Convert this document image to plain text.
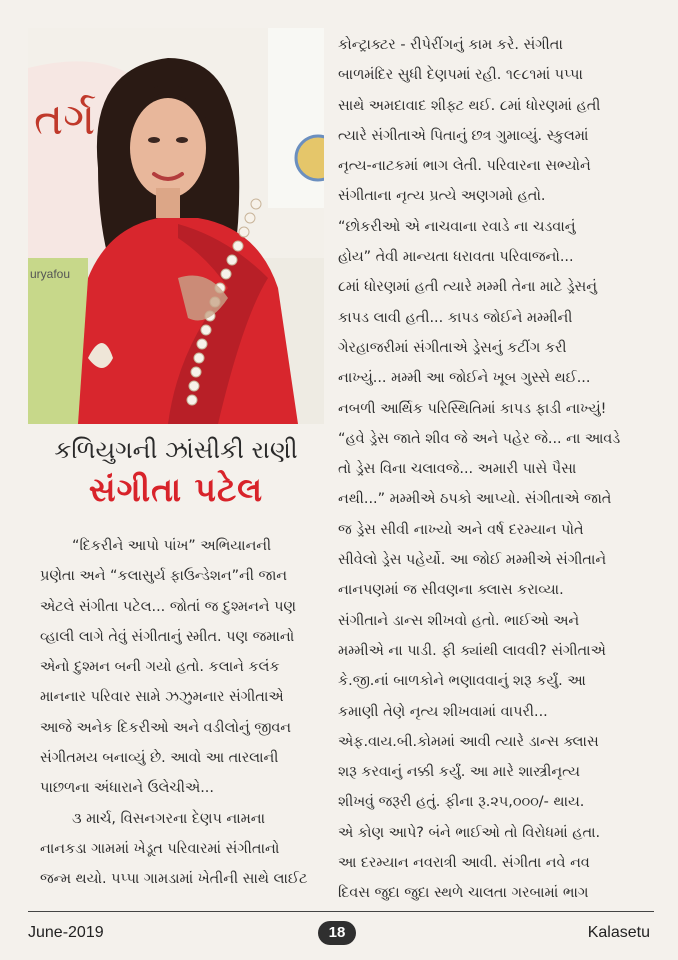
તર્ગ
uryafou
કળિયુગની ઝાંસીકી રાણી
સંગીતા પટેલ

“દિકરીને આપો પાંખ” અભિયાનની

પ્રણેતા અને “કલાસુર્ય ફાઉન્ડેશન”ની જાન

એટલે સંગીતા પટેલ... જોતાં જ દુશ્મનને પણ

વ્હાલી લાગે તેવું સંગીતાનું સ્મીત. પણ જમાનો

એનો દુશ્મન બની ગયો હતો. કલાને કલંક

માનનાર પરિવાર સામે ઝઝુમનાર સંગીતાએ

આજે અનેક દિકરીઓ અને વડીલોનું જીવન

સંગીતમય બનાવ્યું છે. આવો આ તારલાની

પાછળના અંધારાને ઉલેચીએ...

૩ માર્ચ, વિસનગરના દેણપ નામના

નાનકડા ગામમાં ખેડૂત પરિવારમાં સંગીતાનો

જન્મ થયો. પપ્પા ગામડામાં ખેતીની સાથે લાઈટ

કોન્ટ્રાક્ટર - રીપેરીંગનું કામ કરે. સંગીતા

બાળમંદિર સુધી દેણપમાં રહી. ૧૯૮૧માં પપ્પા

સાથે અમદાવાદ શીફ્ટ થઈ. ૮માં ધોરણમાં હતી

ત્યારે સંગીતાએ પિતાનું છત્ર ગુમાવ્યું. સ્કુલમાં

નૃત્ય-નાટકમાં ભાગ લેતી. પરિવારના સભ્યોને

સંગીતાના નૃત્ય પ્રત્યે અણગમો હતો.

“છોકરીઓ એ નાચવાના રવાડે ના ચડવાનું

હોય” તેવી માન્યતા ધરાવતા પરિવાજનો...

૮માં ધોરણમાં હતી ત્યારે મમ્મી તેના માટે ડ્રેસનું

કાપડ લાવી હતી... કાપડ જોઈને મમ્મીની

ગેરહાજરીમાં સંગીતાએ ડ્રેસનું કટીંગ કરી

નાખ્યું... મમ્મી આ જોઈને ખૂબ ગુસ્સે થઈ...

નબળી આર્થિક પરિસ્થિતિમાં કાપડ ફાડી નાખ્યું!

“હવે ડ્રેસ જાતે શીવ જે અને પહેર જે... ના આવડે

તો ડ્રેસ વિના ચલાવજે... અમારી પાસે પૈસા

નથી...” મમ્મીએ ઠપકો આપ્યો. સંગીતાએ જાતે

જ ડ્રેસ સીવી નાખ્યો અને વર્ષ દરમ્યાન પોતે

સીવેલો ડ્રેસ પહેર્યો. આ જોઈ મમ્મીએ સંગીતાને

નાનપણમાં જ સીવણના ક્લાસ કરાવ્યા.

સંગીતાને ડાન્સ શીખવો હતો. ભાઈઓ અને

મમ્મીએ ના પાડી. ફી ક્યાંથી લાવવી? સંગીતાએ

કે.જી.નાં બાળકોને ભણાવવાનું શરૂ કર્યું. આ

કમાણી તેણે નૃત્ય શીખવામાં વાપરી...

એફ.વાય.બી.કોમમાં આવી ત્યારે ડાન્સ ક્લાસ

શરૂ કરવાનું નક્કી કર્યું. આ મારે શાસ્ત્રીનૃત્ય

શીખવું જરૂરી હતું. ફીના રૂ.૨૫,૦૦૦/- થાય.

એ કોણ આપે? બંને ભાઈઓ તો વિરોધમાં હતા.

આ દરમ્યાન નવરાત્રી આવી. સંગીતા નવે નવ

દિવસ જુદા જુદા સ્થળે ચાલતા ગરબામાં ભાગ

June-2019	18	Kalasetu
